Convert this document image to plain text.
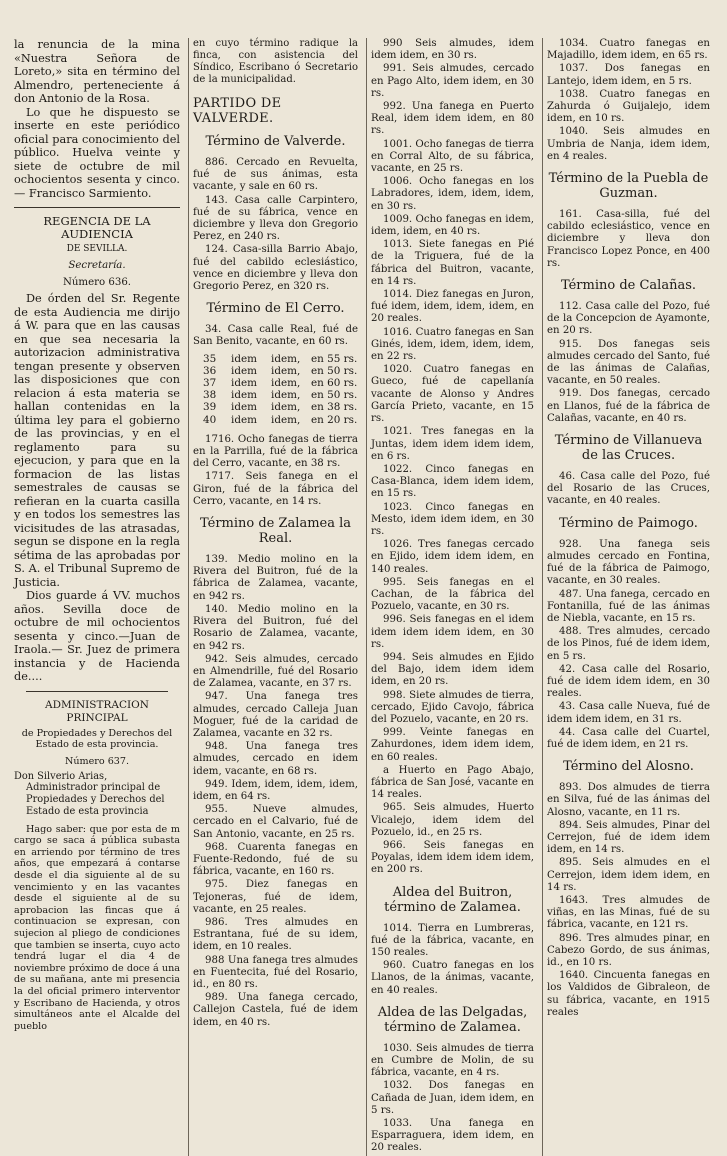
la renuncia de la mina «Nuestra Señora de Loreto,» sita en término del Almendro, perteneciente á don Antonio de la Rosa.

Lo que he dispuesto se inserte en este periódico oficial para conocimiento del público. Huelva veinte y siete de octubre de mil ochocientos sesenta y cinco.— Francisco Sarmiento.

REGENCIA DE LA AUDIENCIA
DE SEVILLA.
Secretaría.
Número 636.

De órden del Sr. Regente de esta Audiencia me dirijo á W. para que en las causas en que sea necesaria la autorizacion administrativa tengan presente y observen las disposiciones que con relacion á esta materia se hallan contenidas en la última ley para el gobierno de las provincias, y en el reglamento para su ejecucion, y para que en la formacion de las listas semestrales de causas se refieran en la cuarta casilla y en todos los semestres las vicisitudes de las atrasadas, segun se dispone en la regla sétima de las aprobadas por S. A. el Tribunal Supremo de Justicia.

Dios guarde á VV. muchos años. Sevilla doce de octubre de mil ochocientos sesenta y cinco.—Juan de Iraola.— Sr. Juez de primera instancia y de Hacienda de....

ADMINISTRACION PRINCIPAL
de Propiedades y Derechos del Estado de esta provincia.
Número 637.

Don Silverio Arias, Administrador principal de Propiedades y Derechos del Estado de esta provincia

Hago saber: que por esta de m cargo se saca á pública subasta en arriendo por término de tres años, que empezará á contarse desde el dia siguiente al de su vencimiento y en las vacantes desde el siguiente al de su aprobacion las fincas que á continuacion se expresan, con sujecion al pliego de condiciones que tambien se inserta, cuyo acto tendrá lugar el dia 4 de noviembre próximo de doce á una de su mañana, ante mi presencia la del oficial primero interventor y Escribano de Hacienda, y otros simultáneos ante el Alcalde del pueblo

en cuyo término radique la finca, con asistencia del Síndico, Escribano ó Secretario de la municipalidad.

PARTIDO DE VALVERDE.
Término de Valverde.

886. Cercado en Revuelta, fué de sus ánimas, esta vacante, y sale en 60 rs.

143. Casa calle Carpintero, fué de su fábrica, vence en diciembre y lleva don Gregorio Perez, en 240 rs.

124. Casa-silla Barrio Abajo, fué del cabildo eclesiástico, vence en diciembre y lleva don Gregorio Perez, en 320 rs.

Término de El Cerro.

34. Casa calle Real, fué de San Benito, vacante, en 60 rs.

35	idem	idem,	en 55 rs.
36	idem	idem,	en 50 rs.
37	idem	idem,	en 60 rs.
38	idem	idem,	en 50 rs.
39	idem	idem,	en 38 rs.
40	idem	idem,	en 20 rs.

1716. Ocho fanegas de tierra en la Parrilla, fué de la fábrica del Cerro, vacante, en 38 rs.

1717. Seis fanega en el Giron, fué de la fábrica del Cerro, vacante, en 14 rs.

Término de Zalamea la Real.

139. Medio molino en la Rivera del Buitron, fué de la fábrica de Zalamea, vacante, en 942 rs.

140. Medio molino en la Rivera del Buitron, fué del Rosario de Zalamea, vacante, en 942 rs.

942. Seis almudes, cercado en Almendrille, fué del Rosario de Zalamea, vacante, en 37 rs.

947. Una fanega tres almudes, cercado Calleja Juan Moguer, fué de la caridad de Zalamea, vacante en 32 rs.

948. Una fanega tres almudes, cercado en idem idem, vacante, en 68 rs.

949. Idem, idem, idem, idem, idem, en 64 rs.

955. Nueve almudes, cercado en el Calvario, fué de San Antonio, vacante, en 25 rs.

968. Cuarenta fanegas en Fuente-Redondo, fué de su fábrica, vacante, en 160 rs.

975. Diez fanegas en Tejoneras, fué de idem, vacante, en 25 reales.

986. Tres almudes en Estrantana, fué de su idem, idem, en 10 reales.

988 Una fanega tres almudes en Fuentecita, fué del Rosario, id., en 80 rs.

989. Una fanega cercado, Callejon Castela, fué de idem idem, en 40 rs.

990 Seis almudes, idem idem idem, en 30 rs.

991. Seis almudes, cercado en Pago Alto, idem idem, en 30 rs.

992. Una fanega en Puerto Real, idem idem idem, en 80 rs.

1001. Ocho fanegas de tierra en Corral Alto, de su fábrica, vacante, en 25 rs.

1006. Ocho fanegas en los Labradores, idem, idem, idem, en 30 rs.

1009. Ocho fanegas en idem, idem, idem, en 40 rs.

1013. Siete fanegas en Pié de la Triguera, fué de la fábrica del Buitron, vacante, en 14 rs.

1014. Diez fanegas en Juron, fué idem, idem, idem, idem, en 20 reales.

1016. Cuatro fanegas en San Ginés, idem, idem, idem, idem, en 22 rs.

1020. Cuatro fanegas en Gueco, fué de capellanía vacante de Alonso y Andres García Prieto, vacante, en 15 rs.

1021. Tres fanegas en la Juntas, idem idem idem idem, en 6 rs.

1022. Cinco fanegas en Casa-Blanca, idem idem idem, en 15 rs.

1023. Cinco fanegas en Mesto, idem idem idem, en 30 rs.

1026. Tres fanegas cercado en Ejido, idem idem idem, en 140 reales.

995. Seis fanegas en el Cachan, de la fábrica del Pozuelo, vacante, en 30 rs.

996. Seis fanegas en el idem idem idem idem idem, en 30 rs.

994. Seis almudes en Ejido del Bajo, idem idem idem idem, en 20 rs.

998. Siete almudes de tierra, cercado, Ejido Cavojo, fábrica del Pozuelo, vacante, en 20 rs.

999. Veinte fanegas en Zahurdones, idem idem idem, en 60 reales.

a Huerto en Pago Abajo, fábrica de San José, vacante en 14 reales.

965. Seis almudes, Huerto Vicalejo, idem idem del Pozuelo, id., en 25 rs.

966. Seis fanegas en Poyalas, idem idem idem idem, en 200 rs.

Aldea del Buitron, término de Zalamea.

1014. Tierra en Lumbreras, fué de la fábrica, vacante, en 150 reales.

960. Cuatro fanegas en los Llanos, de la ánimas, vacante, en 40 reales.

Aldea de las Delgadas, término de Zalamea.

1030. Seis almudes de tierra en Cumbre de Molin, de su fábrica, vacante, en 4 rs.

1032. Dos fanegas en Cañada de Juan, idem idem, en 5 rs.

1033. Una fanega en Esparraguera, idem idem, en 20 reales.

1034. Cuatro fanegas en Majadillo, idem idem, en 65 rs.

1037. Dos fanegas en Lantejo, idem idem, en 5 rs.

1038. Cuatro fanegas en Zahurda ó Guijalejo, idem idem, en 10 rs.

1040. Seis almudes en Umbria de Nanja, idem idem, en 4 reales.

Término de la Puebla de Guzman.

161. Casa-silla, fué del cabildo eclesiástico, vence en diciembre y lleva don Francisco Lopez Ponce, en 400 rs.

Término de Calañas.

112. Casa calle del Pozo, fué de la Concepcion de Ayamonte, en 20 rs.

915. Dos fanegas seis almudes cercado del Santo, fué de las ánimas de Calañas, vacante, en 50 reales.

919. Dos fanegas, cercado en Llanos, fué de la fábrica de Calañas, vacante, en 40 rs.

Término de Villanueva de las Cruces.

46. Casa calle del Pozo, fué del Rosario de las Cruces, vacante, en 40 reales.

Término de Paimogo.

928. Una fanega seis almudes cercado en Fontina, fué de la fábrica de Paimogo, vacante, en 30 reales.

487. Una fanega, cercado en Fontanilla, fué de las ánimas de Niebla, vacante, en 15 rs.

488. Tres almudes, cercado de los Pinos, fué de idem idem, en 5 rs.

42. Casa calle del Rosario, fué de idem idem idem, en 30 reales.

43. Casa calle Nueva, fué de idem idem idem, en 31 rs.

44. Casa calle del Cuartel, fué de idem idem, en 21 rs.

Término del Alosno.

893. Dos almudes de tierra en Silva, fué de las ánimas del Alosno, vacante, en 11 rs.

894. Seis almudes, Pinar del Cerrejon, fué de idem idem idem, en 14 rs.

895. Seis almudes en el Cerrejon, idem idem idem, en 14 rs.

1643. Tres almudes de viñas, en las Minas, fué de su fábrica, vacante, en 121 rs.

896. Tres almudes pinar, en Cabezo Gordo, de sus ánimas, id., en 10 rs.

1640. Cincuenta fanegas en los Valdidos de Gibraleon, de su fábrica, vacante, en 1915 reales
